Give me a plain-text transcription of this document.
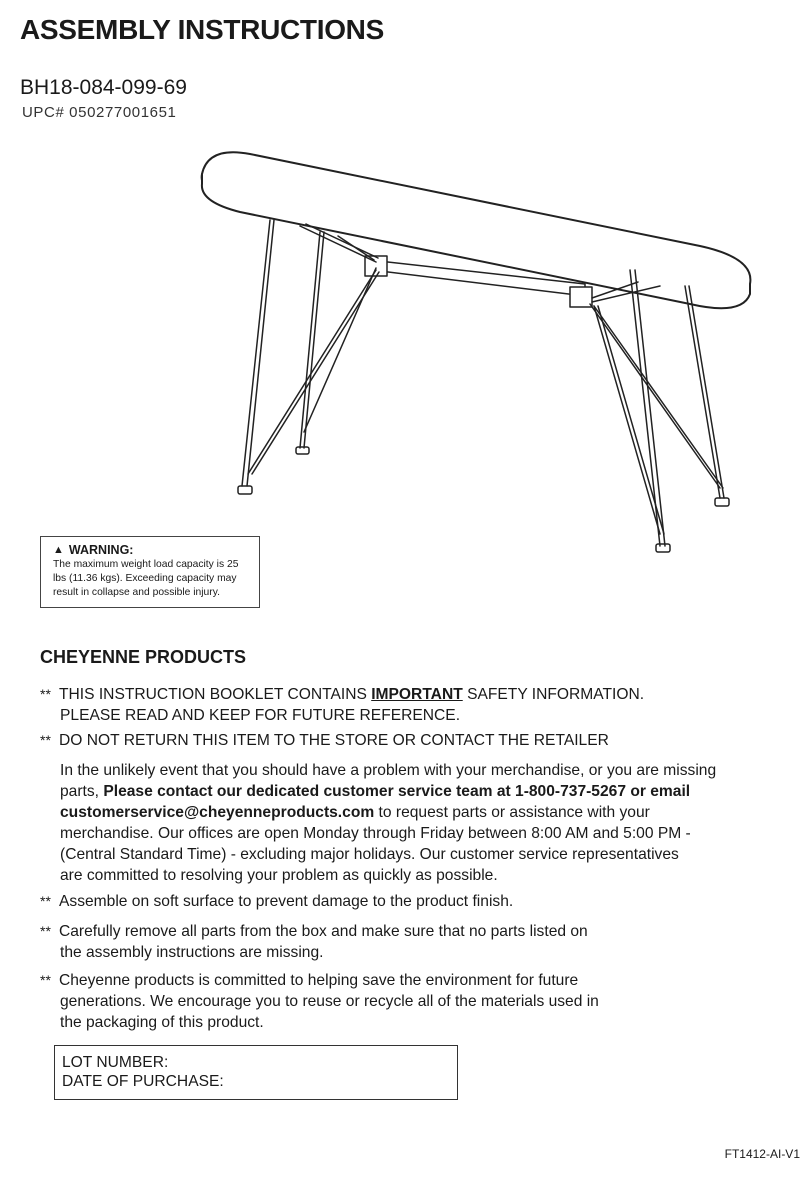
ASSEMBLY INSTRUCTIONS
BH18-084-099-69
UPC# 050277001651
▲ WARNING:
The maximum weight load capacity is 25
lbs (11.36 kgs). Exceeding capacity may
result in collapse and possible injury.
CHEYENNE PRODUCTS
** THIS INSTRUCTION BOOKLET CONTAINS IMPORTANT SAFETY INFORMATION.
PLEASE READ AND KEEP FOR FUTURE REFERENCE.
** DO NOT RETURN THIS ITEM TO THE STORE OR CONTACT THE RETAILER
In the unlikely event that you should have a problem with your merchandise, or you are missing
parts, Please contact our dedicated customer service team at 1-800-737-5267 or email
customerservice@cheyenneproducts.com to request parts or assistance with your
merchandise. Our offices are open Monday through Friday between 8:00 AM and 5:00 PM -
(Central Standard Time) - excluding major holidays. Our customer service representatives
are committed to resolving your problem as quickly as possible.
** Assemble on soft surface to prevent damage to the product finish.
** Carefully remove all parts from the box and make sure that no parts listed on
the assembly instructions are missing.
** Cheyenne products is committed to helping save the environment for future
generations. We encourage you to reuse or recycle all of the materials used in
the packaging of this product.
LOT NUMBER:
DATE OF PURCHASE:
FT1412-AI-V1
